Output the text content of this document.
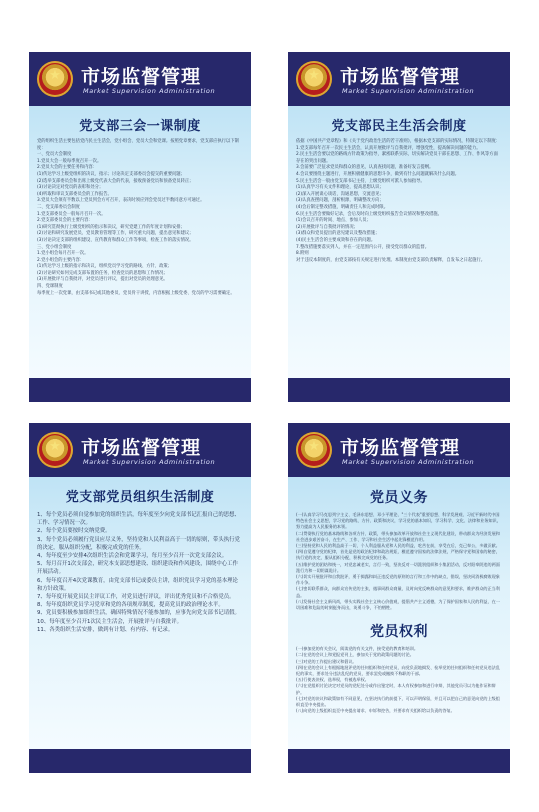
★	市场监督管理
Market Supervision Administration
党支部三会一课制度
党的组织生活主要包括党内民主生活会，党小组会、党员大会和党课。按照党章要求，党支部应执行以下制度：
一、党员大会制度
1.党员大会一般每季度召开一次。
2.党员大会的主要任务和内容：
(1)传达学习上级党组织的决议、指示；讨论决定支部委员会提交的重要问题；
(2)选举支部委员会和出席上级党代表大会的代表，接收预备党员和预备党员转正；
(3)讨论决定对党员的表彰和处分；
(4)听取和审议支部委员会的工作报告。
3.党员大会须有半数以上党员到会方可召开，表决时须应到会党员过半数同意方可通过。
二、党支部委员会制度
1.党支部委员会一般每月召开一次。
2.党支部委员会的主要内容：
(1)研究贯彻执行上级党组织的指示和决议，研究党建工作的年度计划和安排；
(2)讨论和研究发展党员、党员教育管理等工作，研究重大问题，提出意见和建议；
(3)讨论决定支部的组织建设、宣传教育和群众工作等事项，检查工作的落实情况。
三、党小组会制度
1.党小组会每月召开一次。
2.党小组会的主要内容：
(1)传达学习上级的指示和决议，组织党员学习党的路线、方针、政策；
(2)讨论研究如何完成支部布置的任务，检查党员的思想和工作情况；
(3)开展批评与自我批评，对党员进行评议，提出对党员的处理意见。
四、党课制度
每季度上一次党课，由支部书记或其他委员、党员骨干讲授，内容根据上级党委、党员的学习需要确定。
★	市场监督管理
Market Supervision Administration
党支部民主生活会制度
依据《中国共产党章程》和《关于党内政治生活的若干准则》，根据本党支部的实际情况，特制定以下制度：
1.党支部每年召开一次民主生活会，认真开展批评与自我批评，增强党性，提高解决问题的能力。
2.民主生活会要以党的路线方针政策为指导，紧密联系实际，切实解决党员干部在思想、工作、作风等方面存在的突出问题。
3.会前要广泛征求党员和群众的意见，认真查找问题，准备好发言提纲。
4.会议要围绕主题进行，开展积极健康的思想斗争，做到有什么问题就解决什么问题。
5.民主生活会一般由党支部书记主持，上级党组织可派人参加指导。
(1)认真学习有关文件和理论，提高思想认识；
(2)深入开展谈心谈话，沟通思想，交流意见；
(3)认真查摆问题，剖析根源，明确整改方向；
(4)会后制定整改措施，明确责任人和完成时限。
6.民主生活会要做好记录，会后及时向上级党组织报告会议情况和整改措施。
(1)会议召开的时间、地点、参加人员；
(2)开展批评与自我批评的情况；
(3)群众和党员提出的意见建议及整改措施；
(4)民主生活会的主要成效和存在的问题。
7.整改措施要落实到人，并在一定范围内公开，接受党员群众的监督。
8.附则
对于违反本制度的，由党支部按有关规定进行处理。本制度由党支部负责解释，自发布之日起施行。
★	市场监督管理
Market Supervision Administration
党支部党员组织生活制度
1、每个党员必须自觉参加党的组织生活，每年度至少向党支部书记汇报自己的思想、工作、学习情况一次。
2、每个党员要按时交纳党费。
3、每个党员必须履行党员应尽义务，坚持党和人民利益高于一切的原则，带头执行党的决定，服从组织分配，积极完成党的任务。
4、每年度至少安排4次组织生活会和党课学习，每月至少召开一次党支部会议。
5、每月召开1次支部会，研究本支部思想建设、组织建设和作风建设，围绕中心工作开展活动。
6、每年度召开4次党课教育，由党支部书记或委员主讲，组织党员学习党的基本理论和方针政策。
7、每年度开展党员民主评议工作，对党员进行评议，评出优秀党员和不合格党员。
8、每年度组织党员学习党章和党的各项规章制度，提高党员的政治理论水平。
9、党员要积极参加组织生活，确因特殊情况不能参加的，应事先向党支部书记请假。
10、每年度至少召开1次民主生活会，开展批评与自我批评。
11、各类组织生活安排，做到有计划、有内容、有记录。
★	市场监督管理
Market Supervision Administration
党员义务
(一)认真学习马克思列宁主义、毛泽东思想、邓小平理论、"三个代表"重要思想、科学发展观、习近平新时代中国特色社会主义思想，学习党的路线、方针、政策和决议，学习党的基本知识，学习科学、文化、法律和业务知识，努力提高为人民服务的本领。
(二)贯彻执行党的基本路线和各项方针、政策，带头参加改革开放和社会主义现代化建设，带动群众为经济发展和社会进步艰苦奋斗，在生产、工作、学习和社会生活中起先锋模范作用。
(三)坚持党和人民的利益高于一切，个人利益服从党和人民的利益，吃苦在前，享受在后，克己奉公，多做贡献。
(四)自觉遵守党的纪律，首先是党的政治纪律和政治规矩，模范遵守国家的法律法规，严格保守党和国家的秘密，执行党的决定，服从组织分配，积极完成党的任务。
(五)维护党的团结和统一，对党忠诚老实，言行一致，坚决反对一切派别组织和小集团活动，反对阳奉阴违的两面派行为和一切阴谋诡计。
(六)切实开展批评和自我批评，勇于揭露和纠正违反党的原则的言行和工作中的缺点、错误，坚决同消极腐败现象作斗争。
(七)密切联系群众，向群众宣传党的主张，遇事同群众商量，及时向党反映群众的意见和要求，维护群众的正当利益。
(八)发扬社会主义新风尚，带头实践社会主义核心价值观，提倡共产主义道德，为了保护国家和人民的利益，在一切困难和危险的时刻挺身而出，英勇斗争，不怕牺牲。
党员权利
(一)参加党的有关会议，阅读党的有关文件，接受党的教育和培训。
(二)在党的会议上和党报党刊上，参加关于党的政策问题的讨论。
(三)对党的工作提出建议和倡议。
(四)在党的会议上有根据地批评党的任何组织和任何党员，向党负责地揭发、检举党的任何组织和任何党员违法乱纪的事实，要求处分违法乱纪的党员，要求罢免或撤换不称职的干部。
(五)行使表决权、选举权，有被选举权。
(六)在党组织讨论决定对党员的党纪处分或作出鉴定时，本人有权参加和进行申辩，其他党员可以为他作证和辩护。
(七)对党的决议和政策如有不同意见，在坚决执行的前提下，可以声明保留，并且可以把自己的意见向党的上级组织直至中央提出。
(八)向党的上级组织直至中央提出请求、申诉和控告，并要求有关组织给以负责的答复。
